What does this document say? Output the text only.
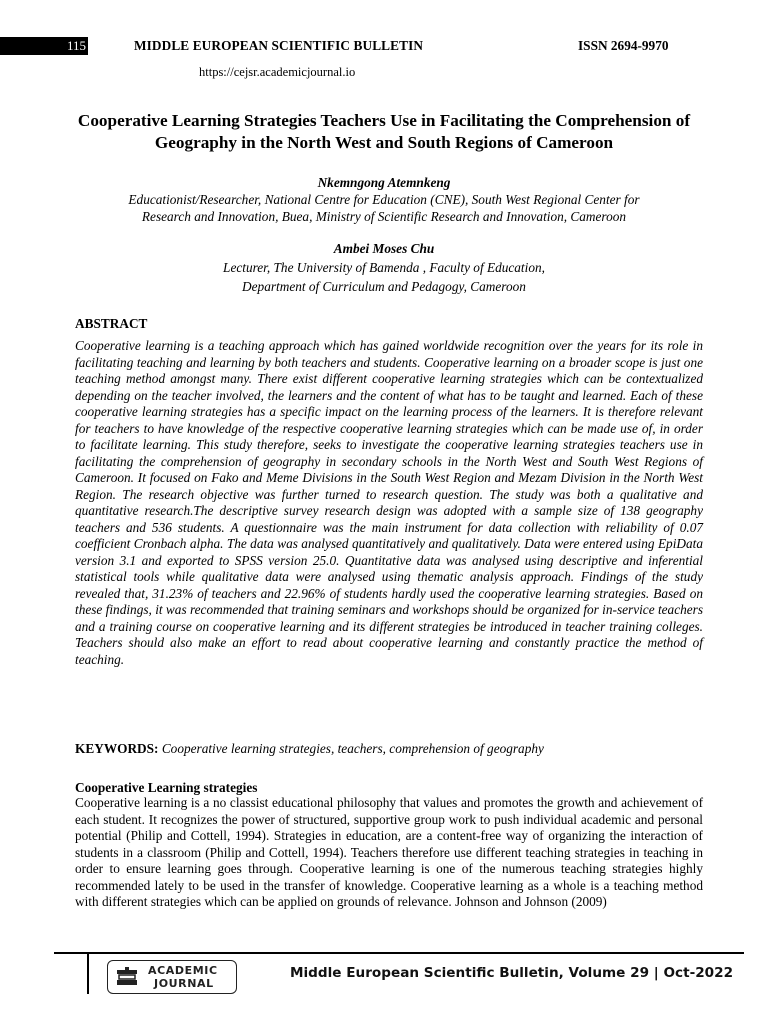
115	MIDDLE EUROPEAN SCIENTIFIC BULLETIN	ISSN 2694-9970
https://cejsr.academicjournal.io
Cooperative Learning Strategies Teachers Use in Facilitating the Comprehension of Geography in the North West and South Regions of Cameroon
Nkemngong Atemnkeng
Educationist/Researcher, National Centre for Education (CNE), South West Regional Center for
Research and Innovation, Buea, Ministry of Scientific Research and Innovation, Cameroon
Ambei Moses Chu
Lecturer, The University of Bamenda , Faculty of Education,
Department of Curriculum and Pedagogy, Cameroon
ABSTRACT
Cooperative learning is a teaching approach which has gained worldwide recognition over the years for its role in facilitating teaching and learning by both teachers and students. Cooperative learning on a broader scope is just one teaching method amongst many. There exist different cooperative learning strategies which can be contextualized depending on the teacher involved, the learners and the content of what has to be taught and learned. Each of these cooperative learning strategies has a specific impact on the learning process of the learners. It is therefore relevant for teachers to have knowledge of the respective cooperative learning strategies which can be made use of, in order to facilitate learning. This study therefore, seeks to investigate the cooperative learning strategies teachers use in facilitating the comprehension of geography in secondary schools in the North West and South West Regions of Cameroon. It focused on Fako and Meme Divisions in the South West Region and Mezam Division in the North West Region. The research objective was further turned to research question. The study was both a qualitative and quantitative research.The descriptive survey research design was adopted with a sample size of 138 geography teachers and 536 students. A questionnaire was the main instrument for data collection with reliability of 0.07 coefficient Cronbach alpha. The data was analysed quantitatively and qualitatively. Data were entered using EpiData version 3.1 and exported to SPSS version 25.0. Quantitative data was analysed using descriptive and inferential statistical tools while qualitative data were analysed using thematic analysis approach. Findings of the study revealed that, 31.23% of teachers and 22.96% of students hardly used the cooperative learning strategies. Based on these findings, it was recommended that training seminars and workshops should be organized for in-service teachers and a training course on cooperative learning and its different strategies be introduced in teacher training colleges. Teachers should also make an effort to read about cooperative learning and constantly practice the method of teaching.
KEYWORDS: Cooperative learning strategies, teachers, comprehension of geography
Cooperative Learning strategies
Cooperative learning is a no classist educational philosophy that values and promotes the growth and achievement of each student. It recognizes the power of structured, supportive group work to push individual academic and personal potential (Philip and Cottell, 1994). Strategies in education, are a content-free way of organizing the interaction of students in a classroom (Philip and Cottell, 1994). Teachers therefore use different teaching strategies in teaching in order to ensure learning goes through. Cooperative learning is one of the numerous teaching strategies highly recommended lately to be used in the transfer of knowledge. Cooperative learning as a whole is a teaching method with different strategies which can be applied on grounds of relevance. Johnson and Johnson (2009)
ACADEMIC
JOURNAL
Middle European Scientific Bulletin, Volume 29 | Oct-2022
